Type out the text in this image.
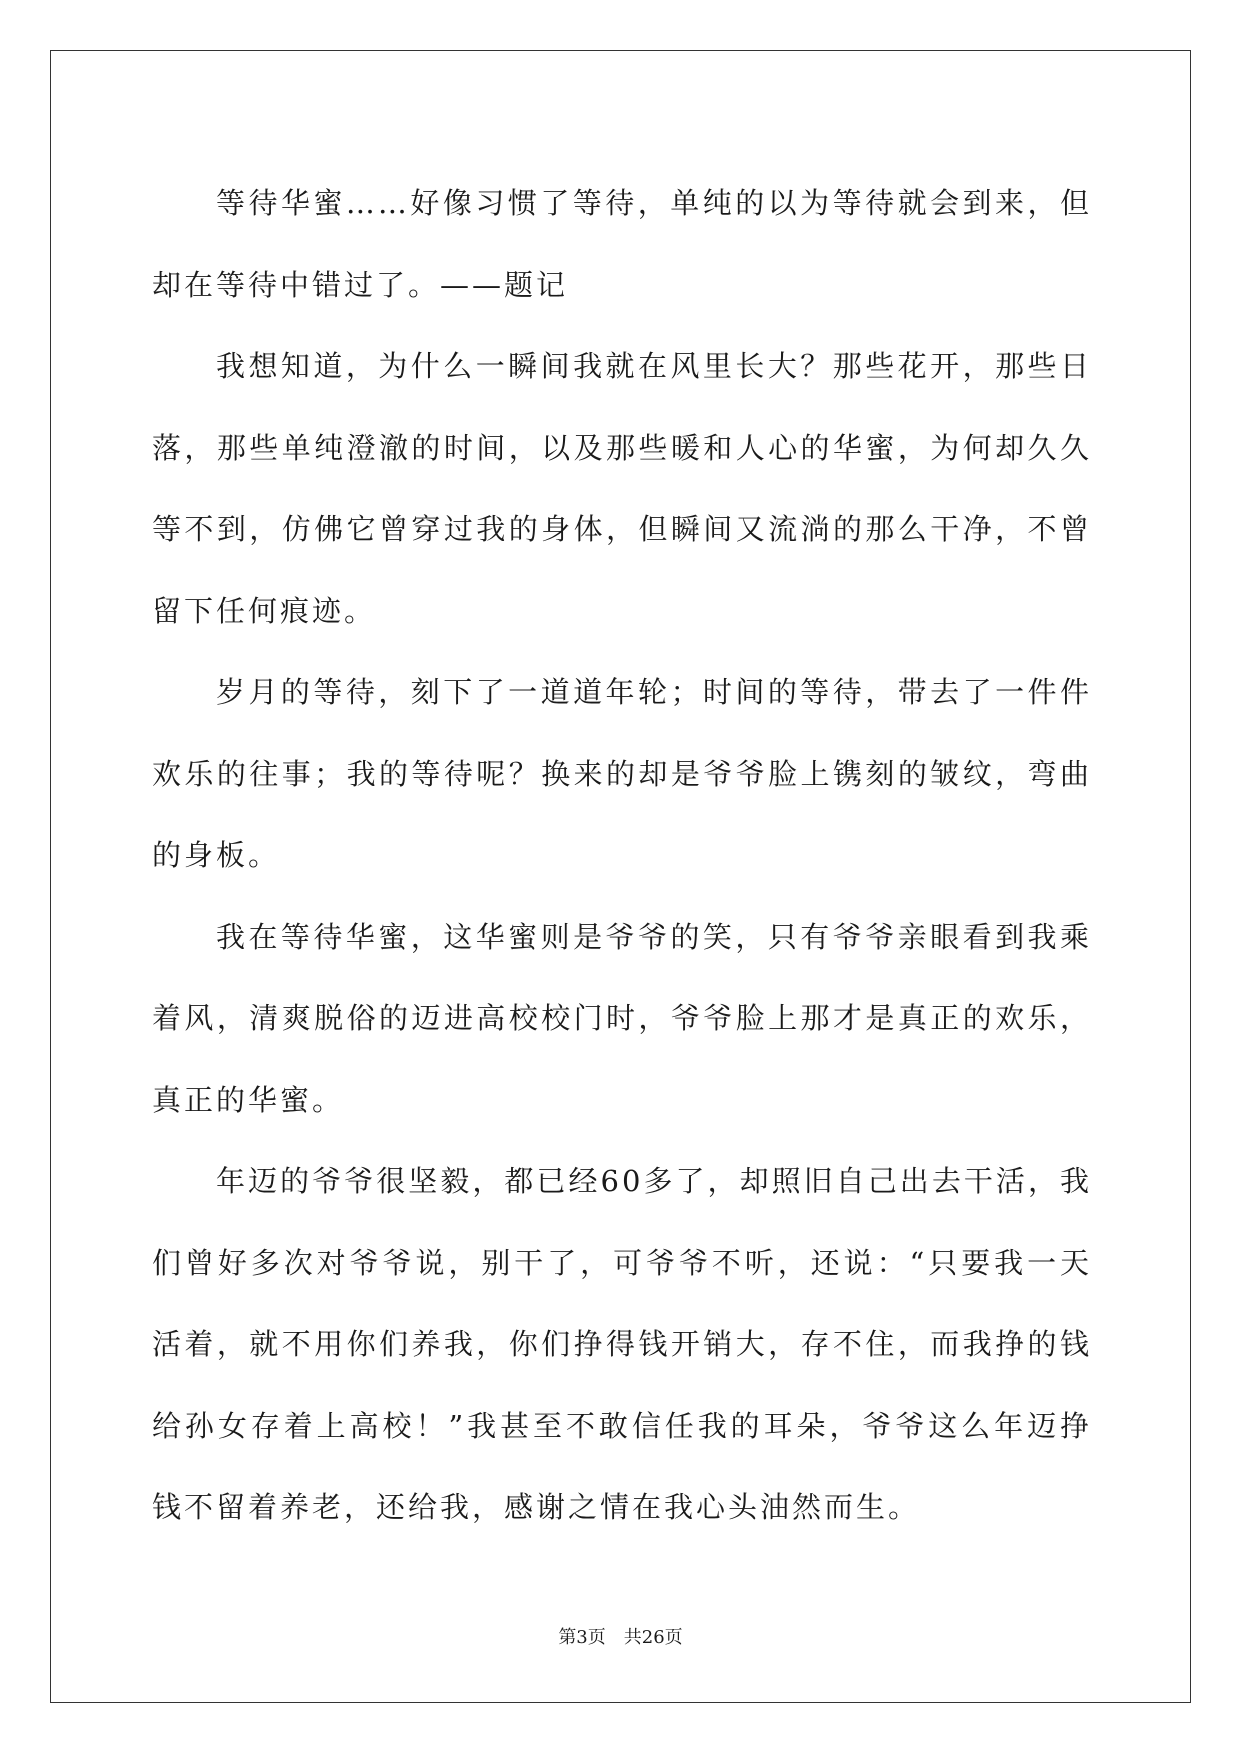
等待华蜜……好像习惯了等待，单纯的以为等待就会到来，但却在等待中错过了。——题记

我想知道，为什么一瞬间我就在风里长大？那些花开，那些日落，那些单纯澄澈的时间，以及那些暖和人心的华蜜，为何却久久等不到，仿佛它曾穿过我的身体，但瞬间又流淌的那么干净，不曾留下任何痕迹。

岁月的等待，刻下了一道道年轮；时间的等待，带去了一件件欢乐的往事；我的等待呢？换来的却是爷爷脸上镌刻的皱纹，弯曲的身板。

我在等待华蜜，这华蜜则是爷爷的笑，只有爷爷亲眼看到我乘着风，清爽脱俗的迈进高校校门时，爷爷脸上那才是真正的欢乐，真正的华蜜。

年迈的爷爷很坚毅，都已经60多了，却照旧自己出去干活，我们曾好多次对爷爷说，别干了，可爷爷不听，还说：“只要我一天活着，就不用你们养我，你们挣得钱开销大，存不住，而我挣的钱给孙女存着上高校！”我甚至不敢信任我的耳朵，爷爷这么年迈挣钱不留着养老，还给我，感谢之情在我心头油然而生。

第3页　共26页
